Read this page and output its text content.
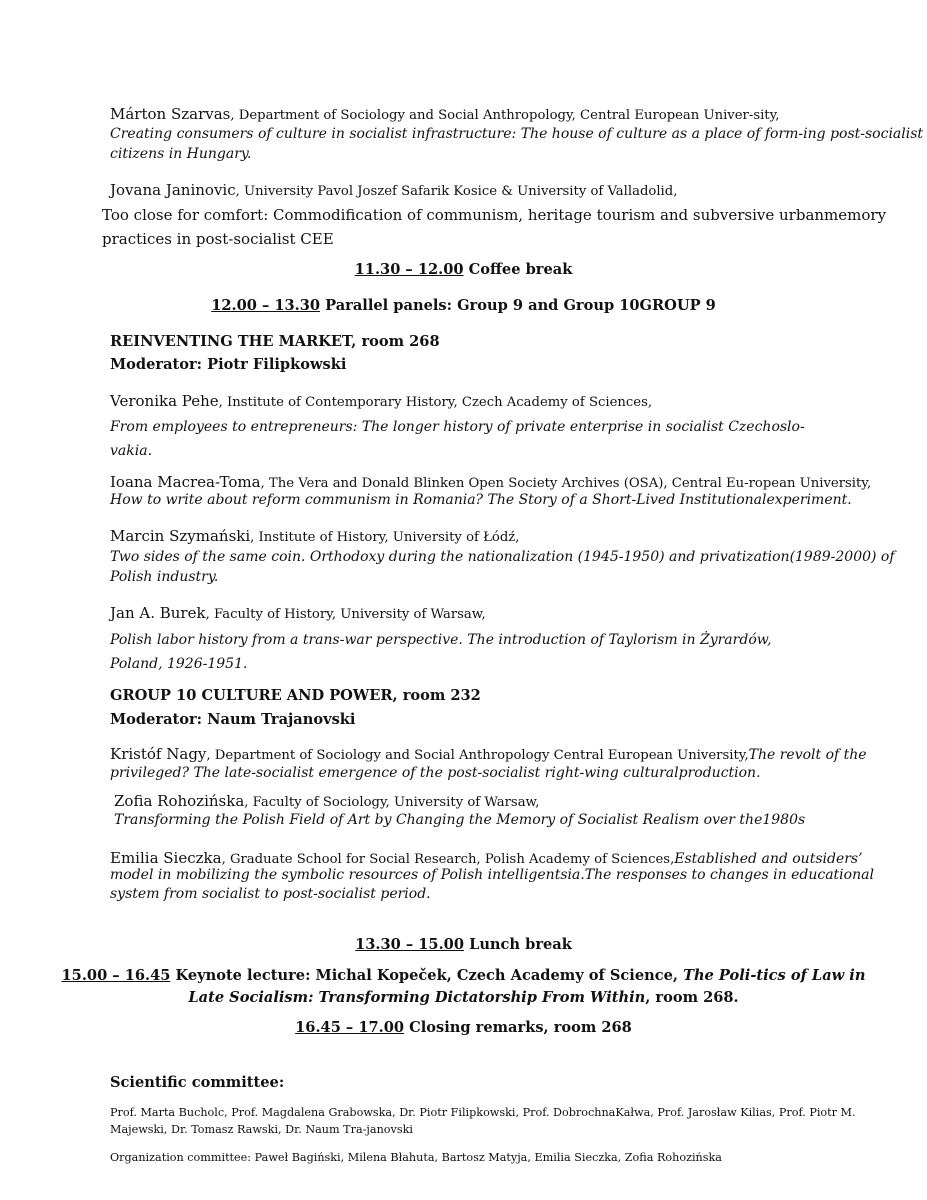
Márton Szarvas, Department of Sociology and Social Anthropology, Central European Univer-sity,
Creating consumers of culture in socialist infrastructure: The house of culture as a place of form-ing post-socialist
citizens in Hungary.
Jovana Janinovic, University Pavol Joszef Safarik Kosice & University of Valladolid,
Too close for comfort: Commodification of communism, heritage tourism and subversive urbanmemory
practices in post-socialist CEE
11.30 – 12.00 Coffee break
12.00 – 13.30 Parallel panels: Group 9 and Group 10GROUP 9
REINVENTING THE MARKET, room 268
Moderator: Piotr Filipkowski
Veronika Pehe, Institute of Contemporary History, Czech Academy of Sciences,
From employees to entrepreneurs: The longer history of private enterprise in socialist Czechoslo-
vakia.
Ioana Macrea-Toma, The Vera and Donald Blinken Open Society Archives (OSA), Central Eu-ropean University,
How to write about reform communism in Romania? The Story of a Short-Lived Institutionalexperiment.
Marcin Szymański, Institute of History, University of Łódź,
Two sides of the same coin. Orthodoxy during the nationalization (1945-1950) and privatization(1989-2000) of
Polish industry.
Jan A. Burek, Faculty of History, University of Warsaw,
Polish labor history from a trans-war perspective. The introduction of Taylorism in Żyrardów,
Poland, 1926-1951.
GROUP 10 CULTURE AND POWER, room 232
Moderator: Naum Trajanovski
Kristóf Nagy, Department of Sociology and Social Anthropology Central European University,The revolt of the
privileged? The late-socialist emergence of the post-socialist right-wing culturalproduction.
Zofia Rohozińska, Faculty of Sociology, University of Warsaw,
Transforming the Polish Field of Art by Changing the Memory of Socialist Realism over the1980s
Emilia Sieczka, Graduate School for Social Research, Polish Academy of Sciences,Established and outsiders’
model in mobilizing the symbolic resources of Polish intelligentsia.The responses to changes in educational
system from socialist to post-socialist period.
13.30 – 15.00 Lunch break
15.00 – 16.45 Keynote lecture: Michal Kopeček, Czech Academy of Science, The Poli-tics of Law in
Late Socialism: Transforming Dictatorship From Within, room 268.
16.45 – 17.00 Closing remarks, room 268
Scientific committee:
Prof. Marta Bucholc, Prof. Magdalena Grabowska, Dr. Piotr Filipkowski, Prof. DobrochnaKałwa, Prof. Jarosław Kilias, Prof. Piotr M.
Majewski, Dr. Tomasz Rawski, Dr. Naum Tra-janovski
Organization committee: Paweł Bagiński, Milena Błahuta, Bartosz Matyja, Emilia Sieczka, Zofia Rohozińska
